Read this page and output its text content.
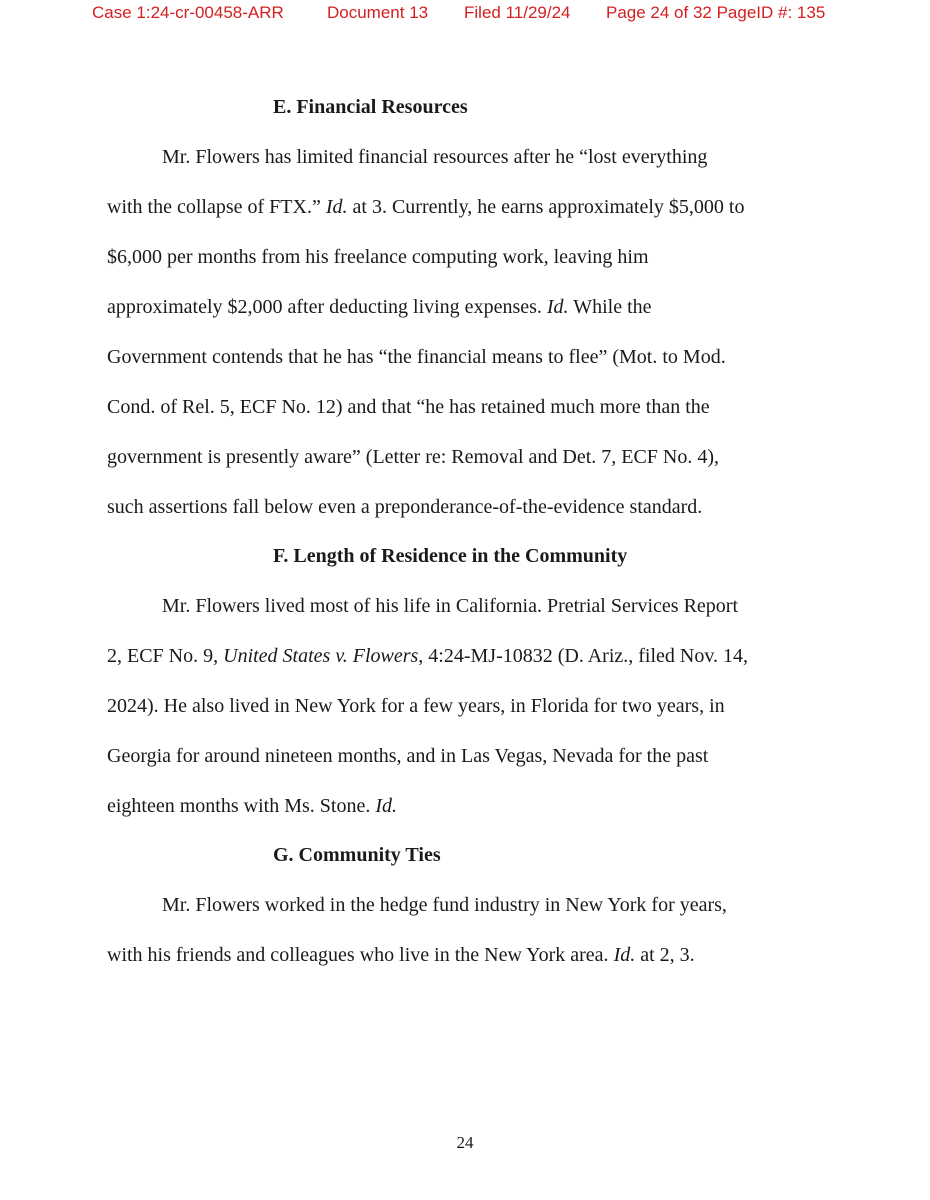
Case 1:24-cr-00458-ARR	Document 13 Filed 11/29/24 Page 24 of 32 PageID #: 135
E. Financial Resources
Mr. Flowers has limited financial resources after he “lost everything
with the collapse of FTX.” Id. at 3. Currently, he earns approximately $5,000 to
$6,000 per months from his freelance computing work, leaving him
approximately $2,000 after deducting living expenses. Id. While the
Government contends that he has “the financial means to flee” (Mot. to Mod.
Cond. of Rel. 5, ECF No. 12) and that “he has retained much more than the
government is presently aware” (Letter re: Removal and Det. 7, ECF No. 4),
such assertions fall below even a preponderance-of-the-evidence standard.
F. Length of Residence in the Community
Mr. Flowers lived most of his life in California. Pretrial Services Report
2, ECF No. 9, United States v. Flowers, 4:24-MJ-10832 (D. Ariz., filed Nov. 14,
2024). He also lived in New York for a few years, in Florida for two years, in
Georgia for around nineteen months, and in Las Vegas, Nevada for the past
eighteen months with Ms. Stone. Id.
G. Community Ties
Mr. Flowers worked in the hedge fund industry in New York for years,
with his friends and colleagues who live in the New York area. Id. at 2, 3.
24
